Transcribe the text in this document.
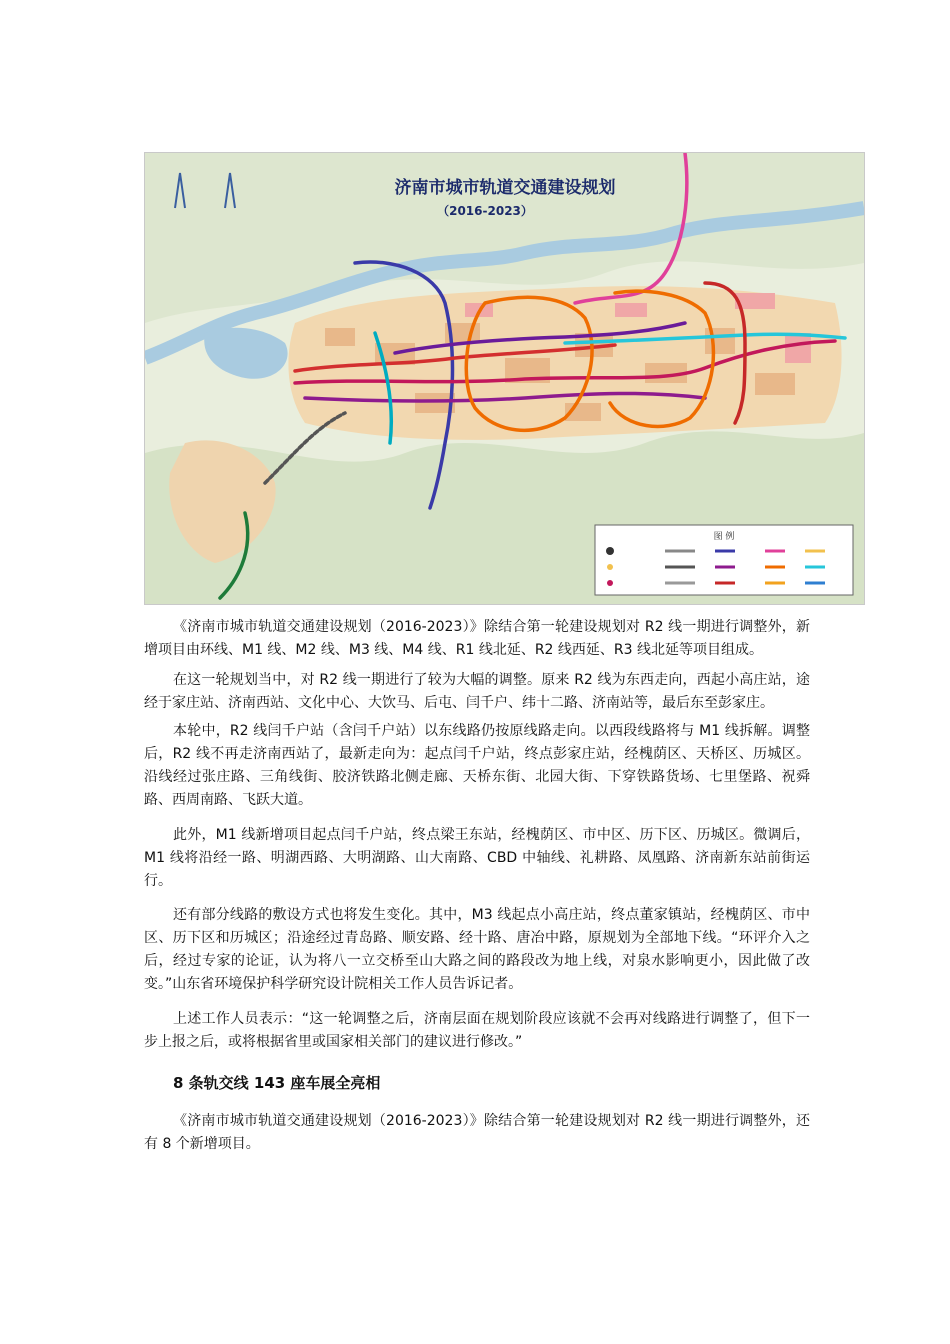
济南市城市轨道交通建设规划
（2016-2023）
图 例

《济南市城市轨道交通建设规划（2016-2023）》除结合第一轮建设规划对 R2 线一期进行调整外，新增项目由环线、M1 线、M2 线、M3 线、M4 线、R1 线北延、R2 线西延、R3 线北延等项目组成。

在这一轮规划当中，对 R2 线一期进行了较为大幅的调整。原来 R2 线为东西走向，西起小高庄站，途经于家庄站、济南西站、文化中心、大饮马、后屯、闫千户、纬十二路、济南站等，最后东至彭家庄。

本轮中，R2 线闫千户站（含闫千户站）以东线路仍按原线路走向。以西段线路将与 M1 线拆解。调整后，R2 线不再走济南西站了，最新走向为：起点闫千户站，终点彭家庄站，经槐荫区、天桥区、历城区。沿线经过张庄路、三角线街、胶济铁路北侧走廊、天桥东街、北园大街、下穿铁路货场、七里堡路、祝舜路、西周南路、飞跃大道。

此外，M1 线新增项目起点闫千户站，终点梁王东站，经槐荫区、市中区、历下区、历城区。微调后，M1 线将沿经一路、明湖西路、大明湖路、山大南路、CBD 中轴线、礼耕路、凤凰路、济南新东站前街运行。

还有部分线路的敷设方式也将发生变化。其中，M3 线起点小高庄站，终点董家镇站，经槐荫区、市中区、历下区和历城区；沿途经过青岛路、顺安路、经十路、唐冶中路，原规划为全部地下线。“环评介入之后，经过专家的论证，认为将八一立交桥至山大路之间的路段改为地上线，对泉水影响更小，因此做了改变。”山东省环境保护科学研究设计院相关工作人员告诉记者。

上述工作人员表示：“这一轮调整之后，济南层面在规划阶段应该就不会再对线路进行调整了，但下一步上报之后，或将根据省里或国家相关部门的建议进行修改。”

8 条轨交线 143 座车展全亮相

《济南市城市轨道交通建设规划（2016-2023）》除结合第一轮建设规划对 R2 线一期进行调整外，还有 8 个新增项目。
